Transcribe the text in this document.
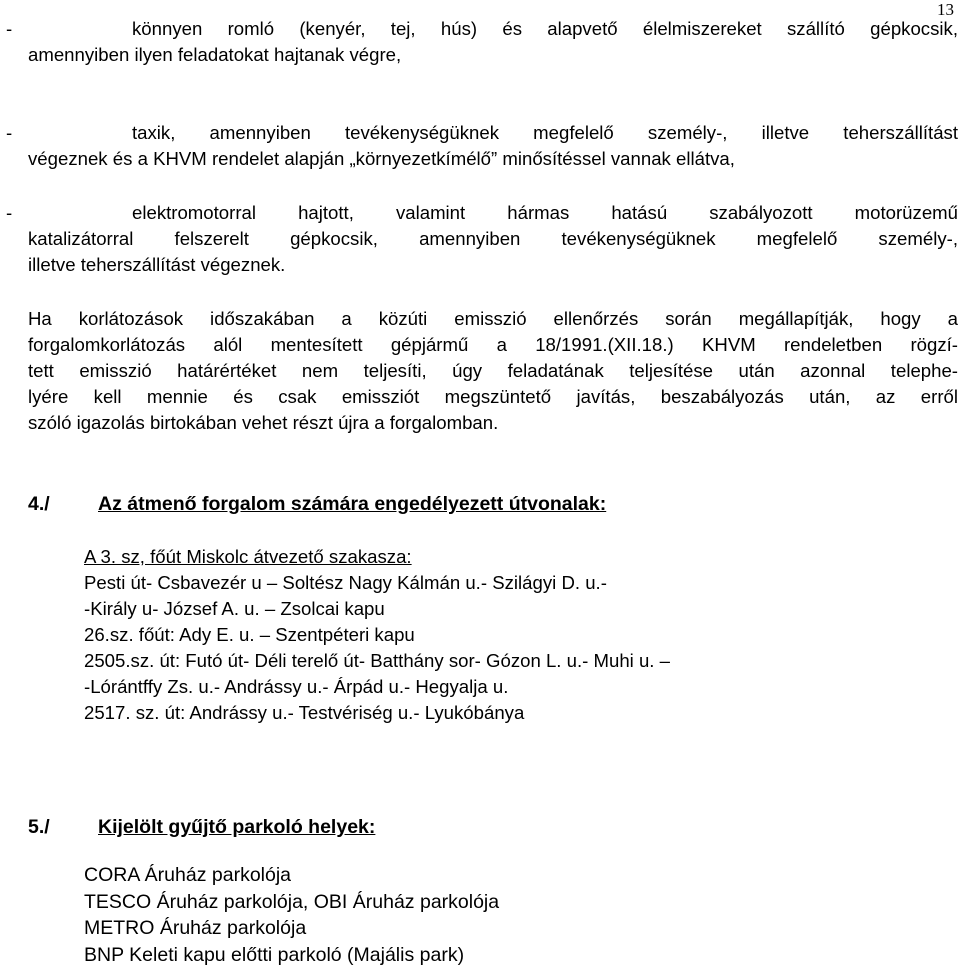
13
-	könnyen romló (kenyér, tej, hús) és alapvető élelmiszereket szállító gépkocsik,
amennyiben ilyen feladatokat hajtanak végre,
-	taxik, amennyiben tevékenységüknek megfelelő személy-, illetve teherszállítást
végeznek és a KHVM rendelet alapján „környezetkímélő” minősítéssel vannak ellátva,
-	elektromotorral hajtott, valamint hármas hatású szabályozott motorüzemű
katalizátorral felszerelt gépkocsik, amennyiben tevékenységüknek megfelelő személy-,
illetve teherszállítást végeznek.
Ha korlátozások időszakában a közúti emisszió ellenőrzés során megállapítják, hogy a
forgalomkorlátozás alól mentesített gépjármű a 18/1991.(XII.18.) KHVM rendeletben rögzí-
tett emisszió határértéket nem teljesíti, úgy feladatának teljesítése után azonnal telephe-
lyére kell mennie és csak emissziót megszüntető javítás, beszabályozás után, az erről
szóló igazolás birtokában vehet részt újra a forgalomban.
4./ Az átmenő forgalom számára engedélyezett útvonalak:
A 3. sz, főút Miskolc átvezető szakasza:
Pesti út- Csbavezér u – Soltész Nagy Kálmán u.- Szilágyi D. u.-
-Király u- József A. u. – Zsolcai kapu
26.sz. főút: Ady E. u. – Szentpéteri kapu
2505.sz. út: Futó út- Déli terelő út- Batthány sor- Gózon L. u.- Muhi u. –
-Lórántffy Zs. u.- Andrássy u.- Árpád u.- Hegyalja u.
2517. sz. út: Andrássy u.- Testvériség u.- Lyukóbánya
5./ Kijelölt gyűjtő parkoló helyek:
CORA Áruház parkolója
TESCO Áruház parkolója, OBI Áruház parkolója
METRO Áruház parkolója
BNP Keleti kapu előtti parkoló (Majális park)
